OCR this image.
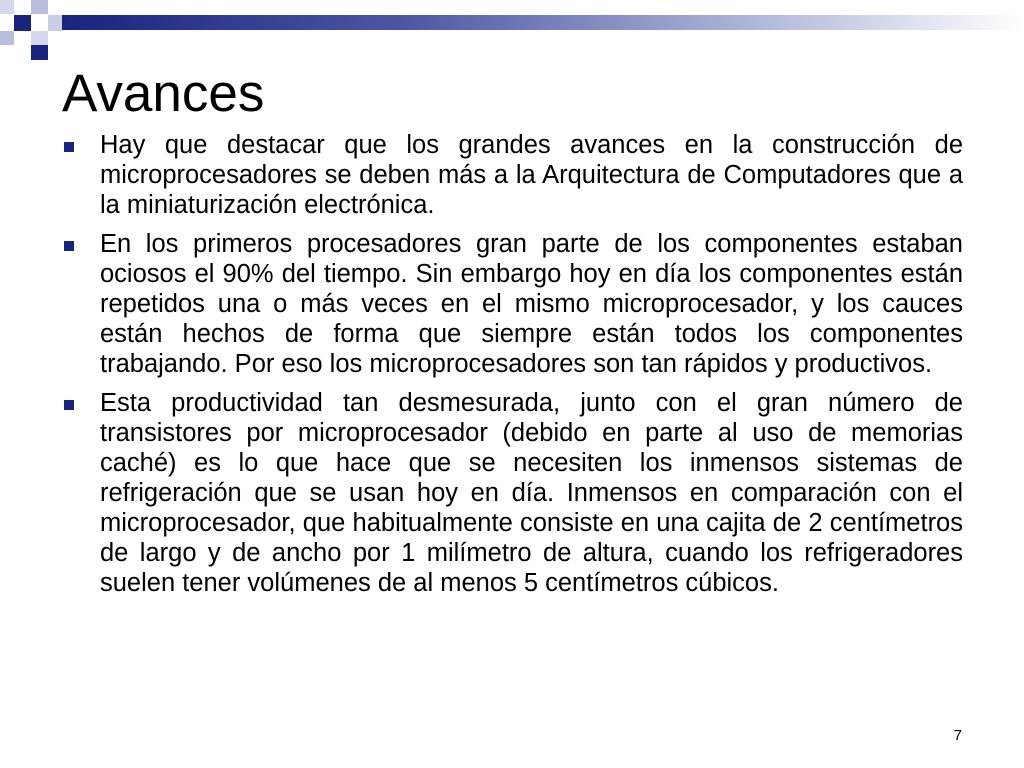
Avances
Hay que destacar que los grandes avances en la construcción de microprocesadores se deben más a la Arquitectura de Computadores que a la miniaturización electrónica.
En los primeros procesadores gran parte de los componentes estaban ociosos el 90% del tiempo. Sin embargo hoy en día los componentes están repetidos una o más veces en el mismo microprocesador, y los cauces están hechos de forma que siempre están todos los componentes trabajando. Por eso los microprocesadores son tan rápidos y productivos.
Esta productividad tan desmesurada, junto con el gran número de transistores por microprocesador (debido en parte al uso de memorias caché) es lo que hace que se necesiten los inmensos sistemas de refrigeración que se usan hoy en día. Inmensos en comparación con el microprocesador, que habitualmente consiste en una cajita de 2 centímetros de largo y de ancho por 1 milímetro de altura, cuando los refrigeradores suelen tener volúmenes de al menos 5 centímetros cúbicos.
7
